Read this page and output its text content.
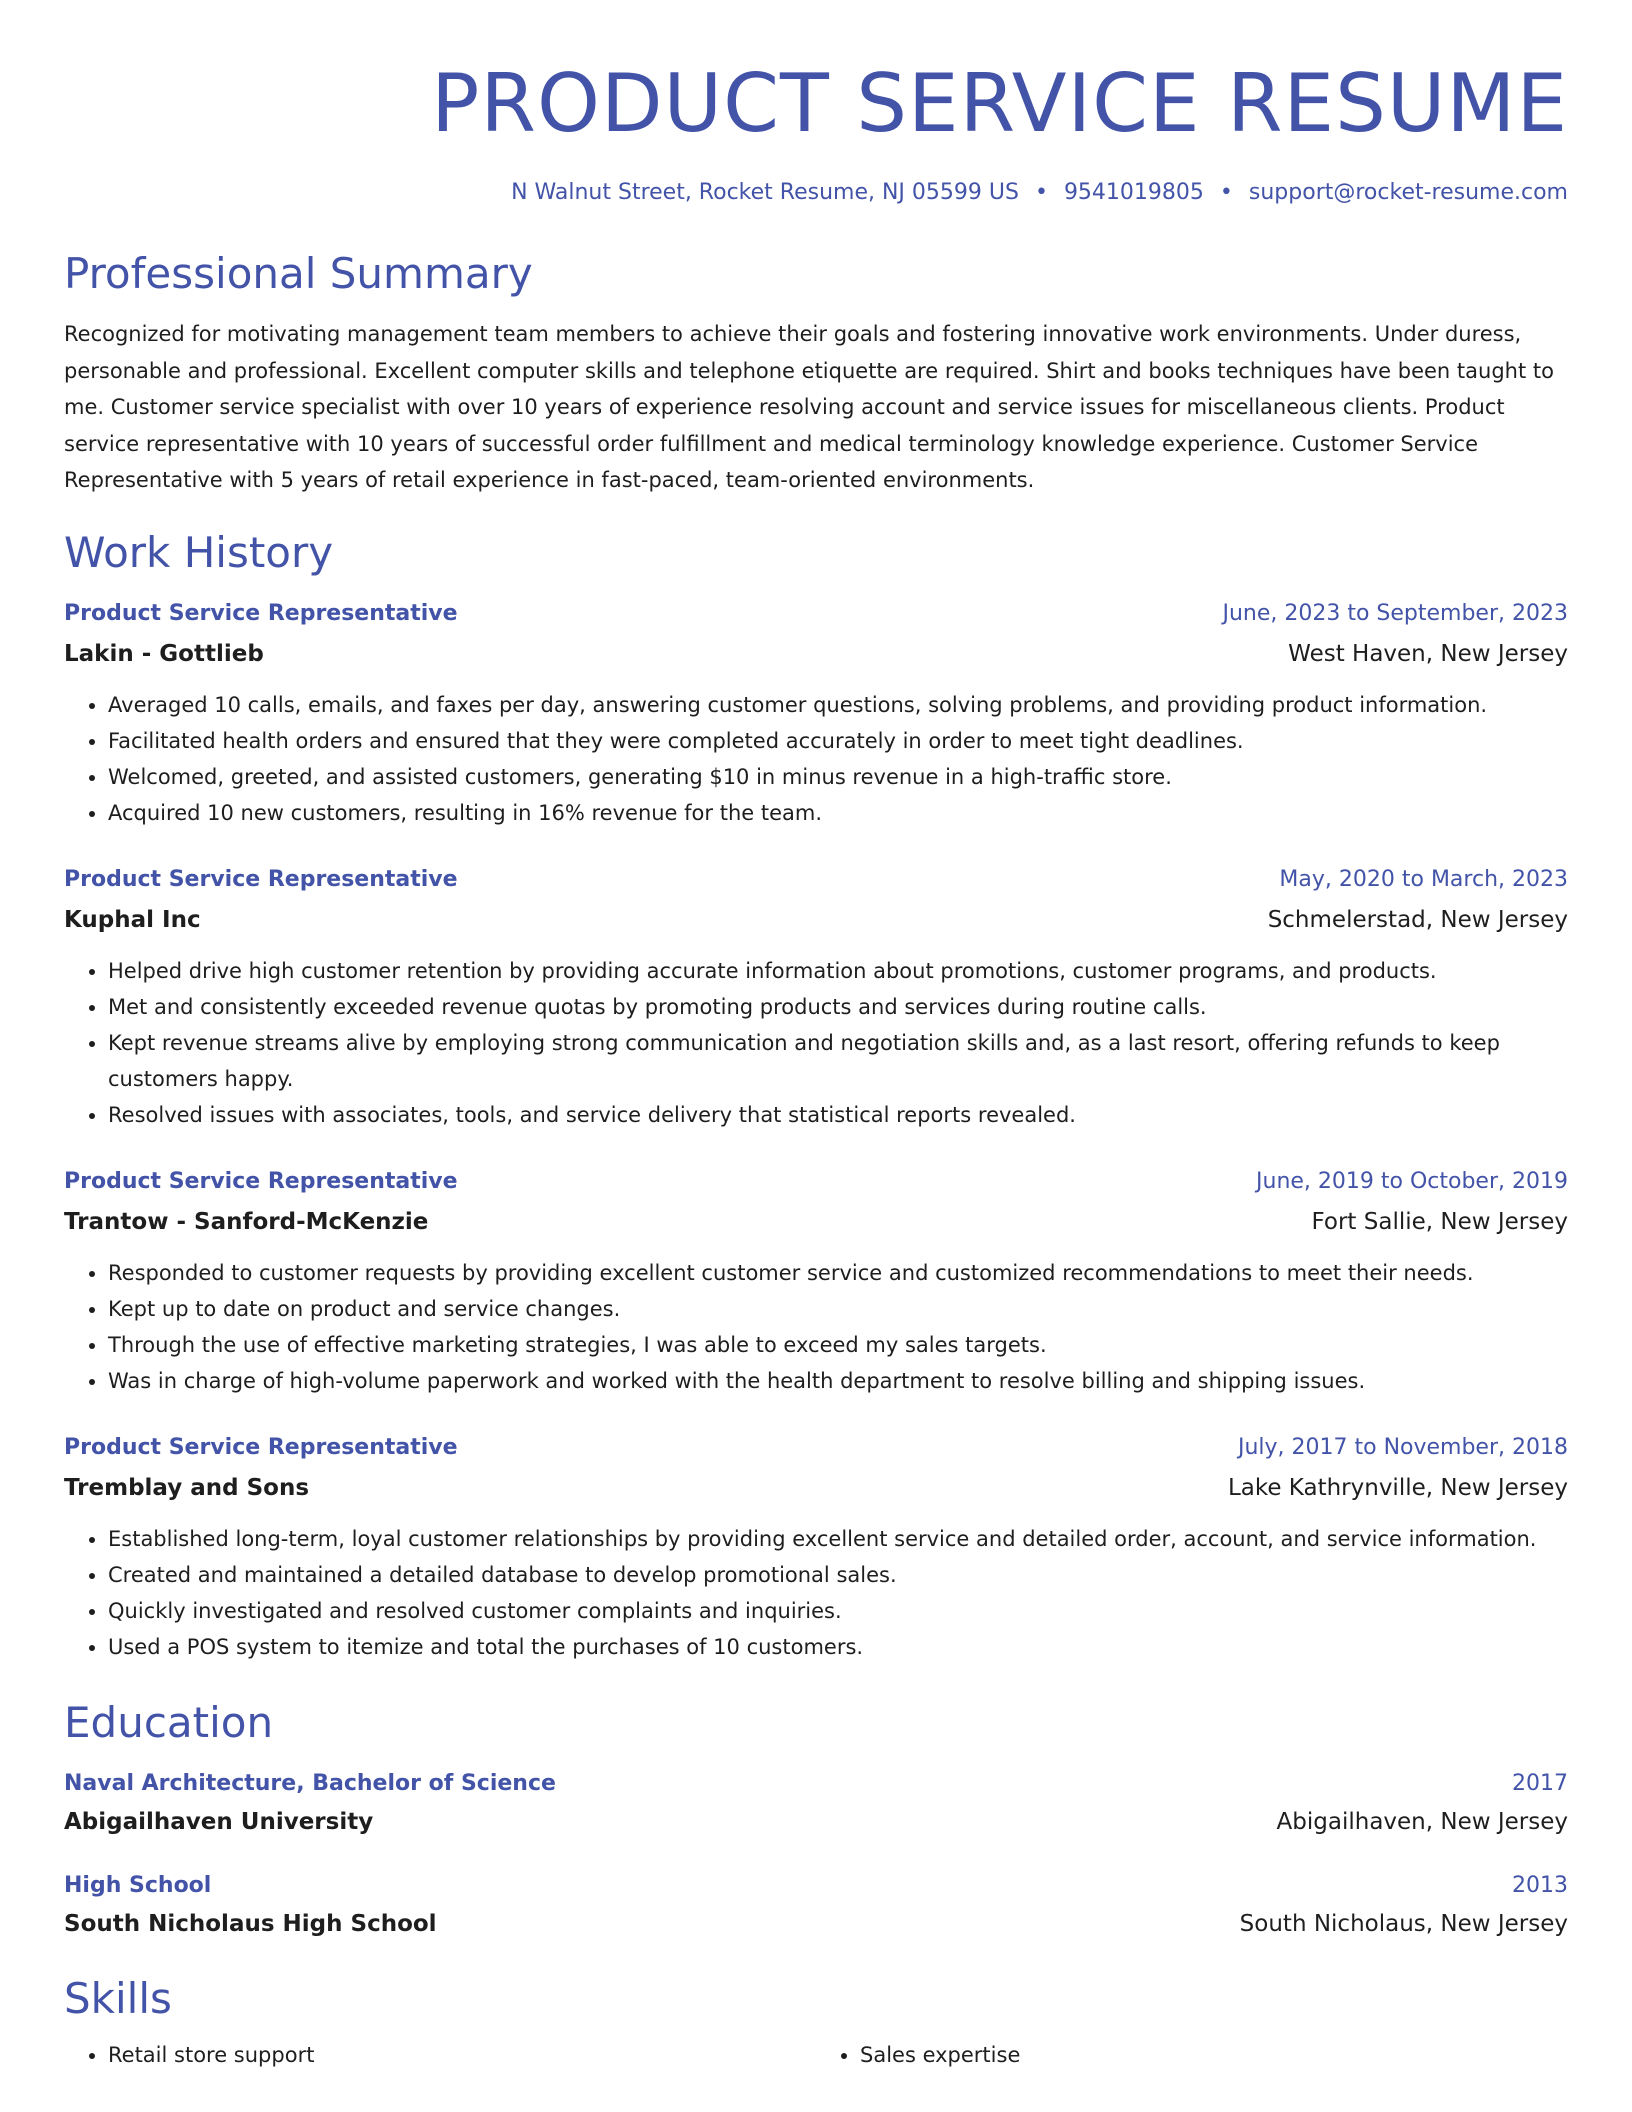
PRODUCT SERVICE RESUME
N Walnut Street, Rocket Resume, NJ 05599 US • 9541019805 • support@rocket-resume.com
Professional Summary
Recognized for motivating management team members to achieve their goals and fostering innovative work environments. Under duress, personable and professional. Excellent computer skills and telephone etiquette are required. Shirt and books techniques have been taught to me. Customer service specialist with over 10 years of experience resolving account and service issues for miscellaneous clients. Product service representative with 10 years of successful order fulfillment and medical terminology knowledge experience. Customer Service Representative with 5 years of retail experience in fast-paced, team-oriented environments.
Work History
Product Service Representative	June, 2023 to September, 2023
Lakin - Gottlieb	West Haven, New Jersey
• Averaged 10 calls, emails, and faxes per day, answering customer questions, solving problems, and providing product information.
• Facilitated health orders and ensured that they were completed accurately in order to meet tight deadlines.
• Welcomed, greeted, and assisted customers, generating $10 in minus revenue in a high-traffic store.
• Acquired 10 new customers, resulting in 16% revenue for the team.
Product Service Representative	May, 2020 to March, 2023
Kuphal Inc	Schmelerstad, New Jersey
• Helped drive high customer retention by providing accurate information about promotions, customer programs, and products.
• Met and consistently exceeded revenue quotas by promoting products and services during routine calls.
• Kept revenue streams alive by employing strong communication and negotiation skills and, as a last resort, offering refunds to keep customers happy.
• Resolved issues with associates, tools, and service delivery that statistical reports revealed.
Product Service Representative	June, 2019 to October, 2019
Trantow - Sanford-McKenzie	Fort Sallie, New Jersey
• Responded to customer requests by providing excellent customer service and customized recommendations to meet their needs.
• Kept up to date on product and service changes.
• Through the use of effective marketing strategies, I was able to exceed my sales targets.
• Was in charge of high-volume paperwork and worked with the health department to resolve billing and shipping issues.
Product Service Representative	July, 2017 to November, 2018
Tremblay and Sons	Lake Kathrynville, New Jersey
• Established long-term, loyal customer relationships by providing excellent service and detailed order, account, and service information.
• Created and maintained a detailed database to develop promotional sales.
• Quickly investigated and resolved customer complaints and inquiries.
• Used a POS system to itemize and total the purchases of 10 customers.
Education
Naval Architecture, Bachelor of Science	2017
Abigailhaven University	Abigailhaven, New Jersey
High School	2013
South Nicholaus High School	South Nicholaus, New Jersey
Skills
• Retail store support
•	Sales expertise
